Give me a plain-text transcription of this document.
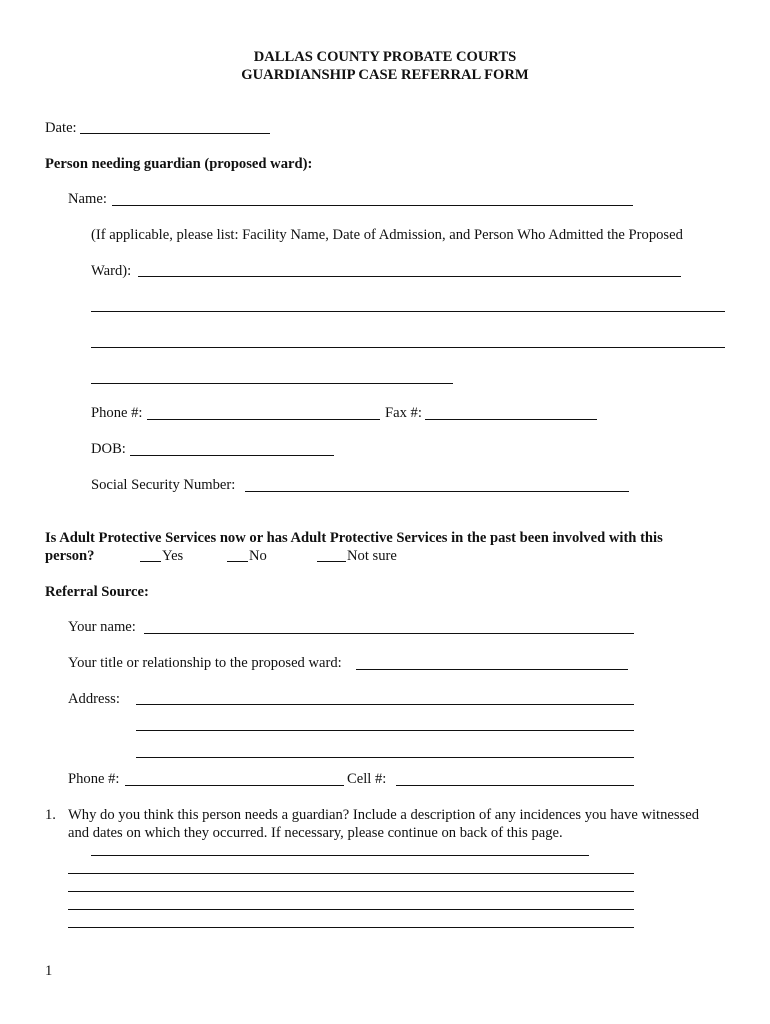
DALLAS COUNTY PROBATE COURTS
GUARDIANSHIP CASE REFERRAL FORM
Date:
Person needing guardian (proposed ward):
Name:
(If applicable, please list: Facility Name, Date of Admission, and Person Who Admitted the Proposed
Ward):
Phone #:	Fax #:
DOB:
Social Security Number:
Is Adult Protective Services now or has Adult Protective Services in the past been involved with this
person?	Yes	No	Not sure
Referral Source:
Your name:
Your title or relationship to the proposed ward:
Address:
Phone #:	Cell #:
1. Why do you think this person needs a guardian? Include a description of any incidences you have witnessed
and dates on which they occurred. If necessary, please continue on back of this page.
1
